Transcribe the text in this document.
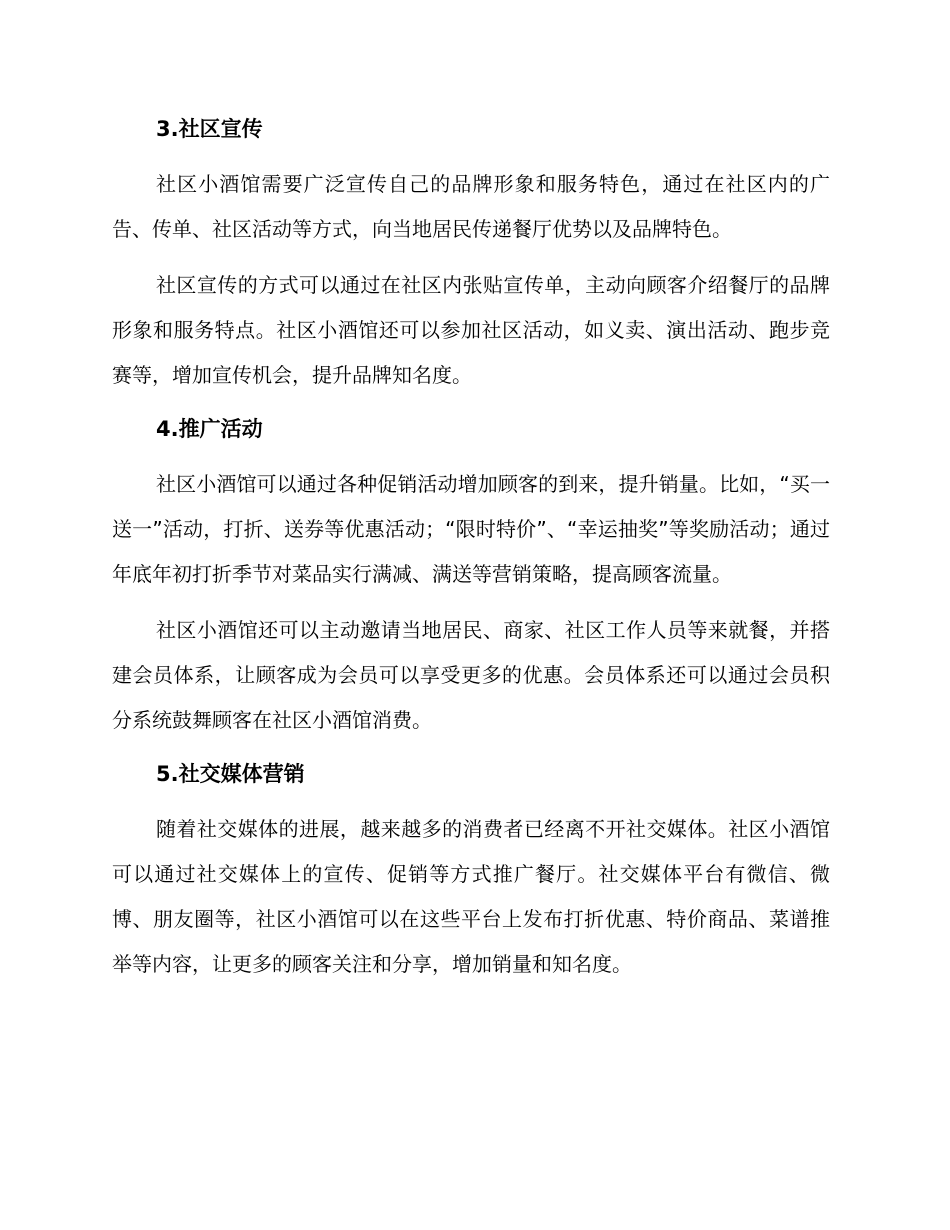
3.社区宣传

社区小酒馆需要广泛宣传自己的品牌形象和服务特色，通过在社区内的广告、传单、社区活动等方式，向当地居民传递餐厅优势以及品牌特色。

社区宣传的方式可以通过在社区内张贴宣传单，主动向顾客介绍餐厅的品牌形象和服务特点。社区小酒馆还可以参加社区活动，如义卖、演出活动、跑步竞赛等，增加宣传机会，提升品牌知名度。

4.推广活动

社区小酒馆可以通过各种促销活动增加顾客的到来，提升销量。比如，“买一送一”活动，打折、送券等优惠活动；“限时特价”、“幸运抽奖”等奖励活动；通过年底年初打折季节对菜品实行满减、满送等营销策略，提高顾客流量。

社区小酒馆还可以主动邀请当地居民、商家、社区工作人员等来就餐，并搭建会员体系，让顾客成为会员可以享受更多的优惠。会员体系还可以通过会员积分系统鼓舞顾客在社区小酒馆消费。

5.社交媒体营销

随着社交媒体的进展，越来越多的消费者已经离不开社交媒体。社区小酒馆可以通过社交媒体上的宣传、促销等方式推广餐厅。社交媒体平台有微信、微博、朋友圈等，社区小酒馆可以在这些平台上发布打折优惠、特价商品、菜谱推举等内容，让更多的顾客关注和分享，增加销量和知名度。
